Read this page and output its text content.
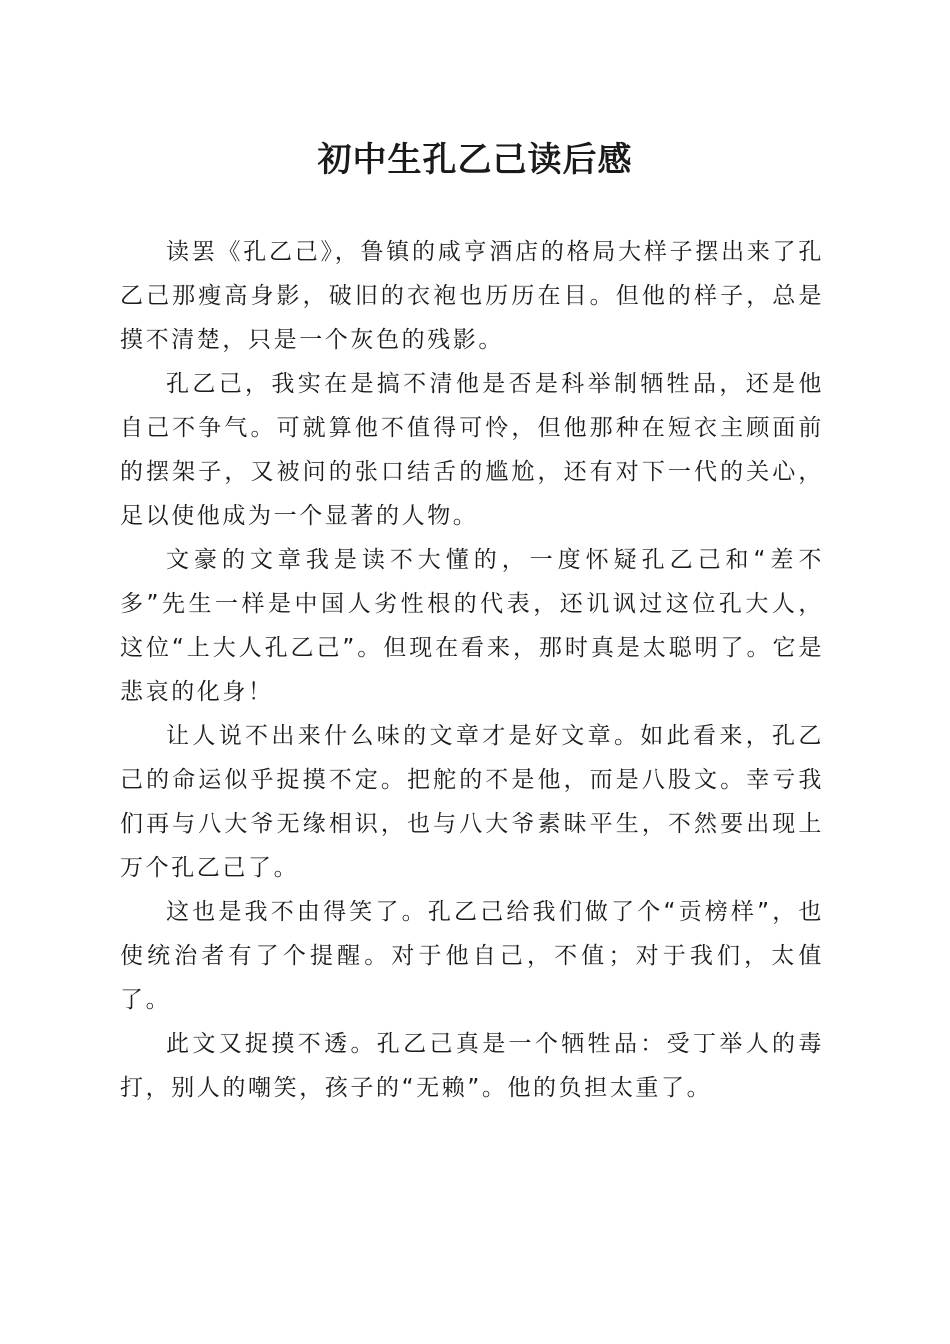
初中生孔乙己读后感

读罢《孔乙己》，鲁镇的咸亨酒店的格局大样子摆出来了孔乙己那瘦高身影，破旧的衣袍也历历在目。但他的样子，总是摸不清楚，只是一个灰色的残影。

孔乙己，我实在是搞不清他是否是科举制牺牲品，还是他自己不争气。可就算他不值得可怜，但他那种在短衣主顾面前的摆架子，又被问的张口结舌的尴尬，还有对下一代的关心，足以使他成为一个显著的人物。

文豪的文章我是读不大懂的，一度怀疑孔乙己和“差不多”先生一样是中国人劣性根的代表，还讥讽过这位孔大人，这位“上大人孔乙己”。但现在看来，那时真是太聪明了。它是悲哀的化身！

让人说不出来什么味的文章才是好文章。如此看来，孔乙己的命运似乎捉摸不定。把舵的不是他，而是八股文。幸亏我们再与八大爷无缘相识，也与八大爷素昧平生，不然要出现上万个孔乙己了。

这也是我不由得笑了。孔乙己给我们做了个“贡榜样”，也使统治者有了个提醒。对于他自己，不值；对于我们，太值了。

此文又捉摸不透。孔乙己真是一个牺牲品：受丁举人的毒打，别人的嘲笑，孩子的“无赖”。他的负担太重了。
